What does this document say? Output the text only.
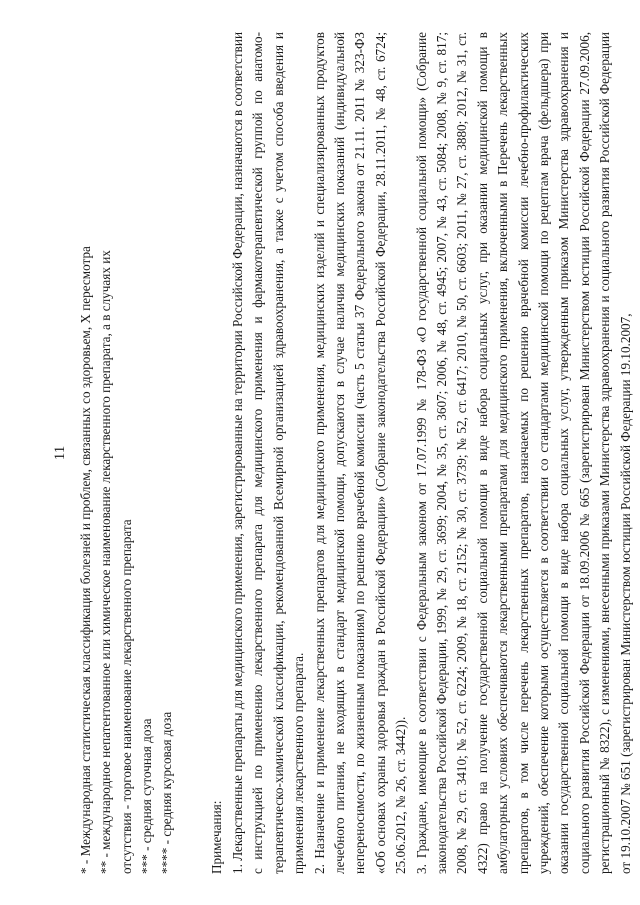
11 * - Международная статистическая классификация болезней и проблем, связанных со здоровьем, X пересмотра ** - международное непатентованное или химическое наименование лекарственного препарата, а в случаях их отсутствия - торговое наименование лекарственного препарата *** - средняя суточная доза **** - средняя курсовая доза	Примечания: 1. Лекарственные препараты для медицинского применения, зарегистрированные на территории Российской Федерации, назначаются в соответствии с инструкцией по применению лекарственного препарата для медицинского применения и фармакотерапевтической группой по анатомо-терапевтическо-химической классификации, рекомендованной Всемирной организацией здравоохранения, а также с учетом способа введения и применения лекарственного препарата. 2. Назначение и применение лекарственных препаратов для медицинского применения, медицинских изделий и специализированных продуктов лечебного питания, не входящих в стандарт медицинской помощи, допускаются в случае наличия медицинских показаний (индивидуальной непереносимости, по жизненным показаниям) по решению врачебной комиссии (часть 5 статьи 37 Федерального закона от 21.11. 2011 № 323-ФЗ «Об основах охраны здоровья граждан в Российской Федерации» (Собрание законодательства Российской Федерации, 28.11.2011, № 48, ст. 6724; 25.06.2012, № 26, ст. 3442)). 3. Граждане, имеющие в соответствии с Федеральным законом от 17.07.1999 № 178-ФЗ «О государственной социальной помощи» (Собрание законодательства Российской Федерации, 1999, № 29, ст. 3699; 2004, № 35, ст. 3607; 2006, № 48, ст. 4945; 2007, № 43, ст. 5084; 2008, № 9, ст. 817; 2008, № 29, ст. 3410; № 52, ст. 6224; 2009, № 18, ст. 2152; № 30, ст. 3739; № 52, ст. 6417; 2010, № 50, ст. 6603; 2011, № 27, ст. 3880; 2012, № 31, ст. 4322) право на получение государственной социальной помощи в виде набора социальных услуг, при оказании медицинской помощи в амбулаторных условиях обеспечиваются лекарственными препаратами для медицинского применения, включенными в Перечень лекарственных препаратов, в том числе перечень лекарственных препаратов, назначаемых по решению врачебной комиссии лечебно-профилактических учреждений, обеспечение которыми осуществляется в соответствии со стандартами медицинской помощи по рецептам врача (фельдшера) при оказании государственной социальной помощи в виде набора социальных услуг, утвержденным приказом Министерства здравоохранения и социального развития Российской Федерации от 18.09.2006 № 665 (зарегистрирован Министерством юстиции Российской Федерации 27.09.2006, регистрационный № 8322), с изменениями, внесенными приказами Министерства здравоохранения и социального развития Российской Федерации от 19.10.2007 № 651 (зарегистрирован Министерством юстиции Российской Федерации 19.10.2007,
